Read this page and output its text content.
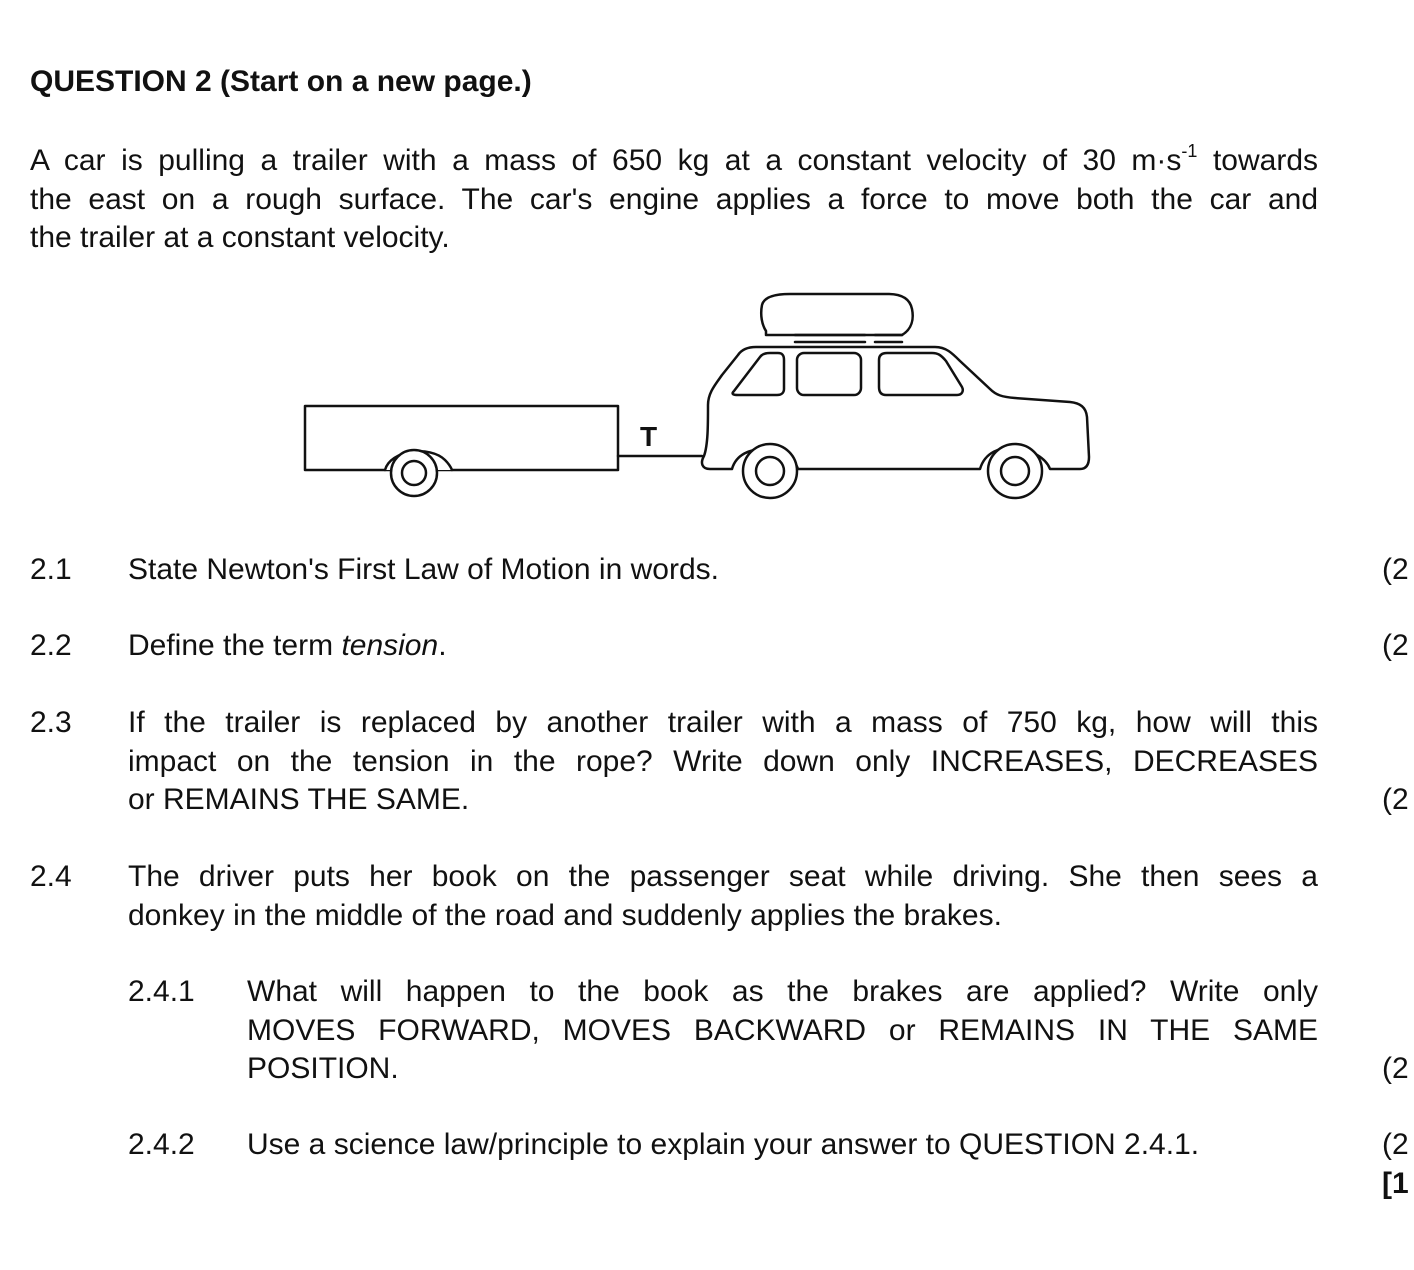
QUESTION 2 (Start on a new page.)
A car is pulling a trailer with a mass of 650 kg at a constant velocity of 30 $m\cdot s^{-1}$ towards
the east on a rough surface. The car's engine applies a force to move both the car and
the trailer at a constant velocity.
T
2.1 State Newton's First Law of Motion in words.	(2
2.2 Define the term tension.	(2
2.3 If the trailer is replaced by another trailer with a mass of 750 kg, how will this
impact on the tension in the rope? Write down only INCREASES, DECREASES
or REMAINS THE SAME.	(2
2.4 The driver puts her book on the passenger seat while driving. She then sees a
donkey in the middle of the road and suddenly applies the brakes.
2.4.1 What will happen to the book as the brakes are applied? Write only
MOVES FORWARD, MOVES BACKWARD or REMAINS IN THE SAME
POSITION.	(2
2.4.2 Use a science law/principle to explain your answer to QUESTION 2.4.1.	(2
[1
